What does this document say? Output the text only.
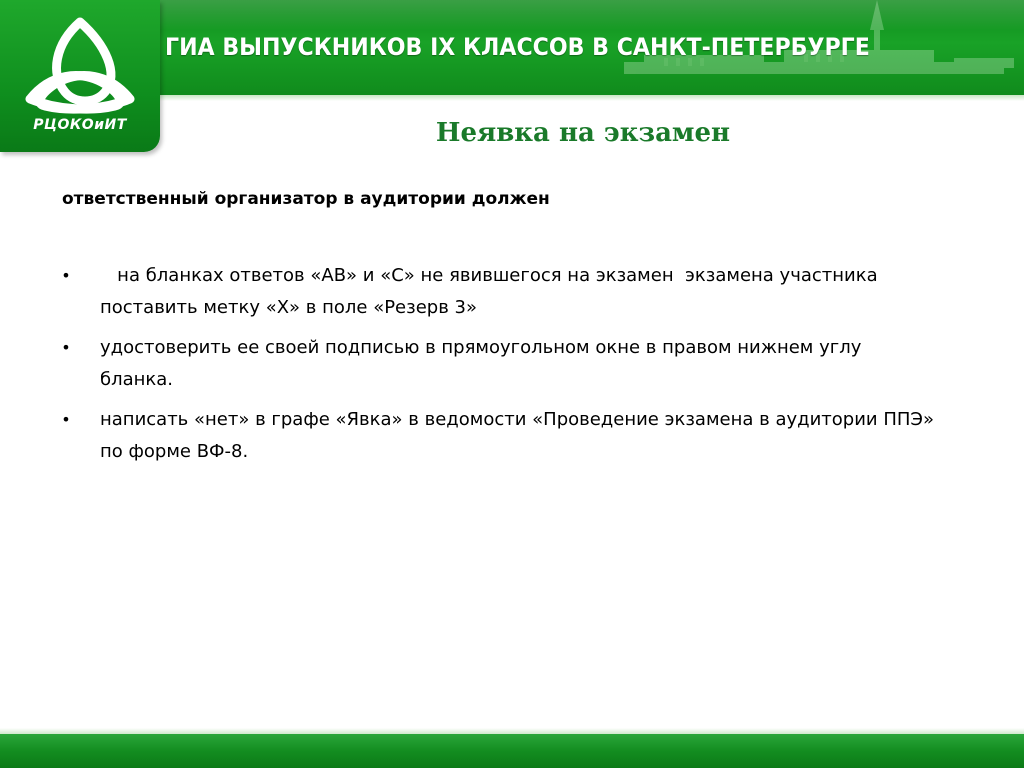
ГИА ВЫПУСКНИКОВ IX КЛАССОВ В САНКТ-ПЕТЕРБУРГЕ
РЦОКОиИТ	Неявка на экзамен
ответственный организатор в аудитории должен
• на бланках ответов «АВ» и «С» не явившегося на экзамен  экзамена участника поставить метку «Х» в поле «Резерв 3»
• удостоверить ее своей подписью в прямоугольном окне в правом нижнем углу бланка.
• написать «нет» в графе «Явка» в ведомости «Проведение экзамена в аудитории ППЭ» по форме ВФ-8.
